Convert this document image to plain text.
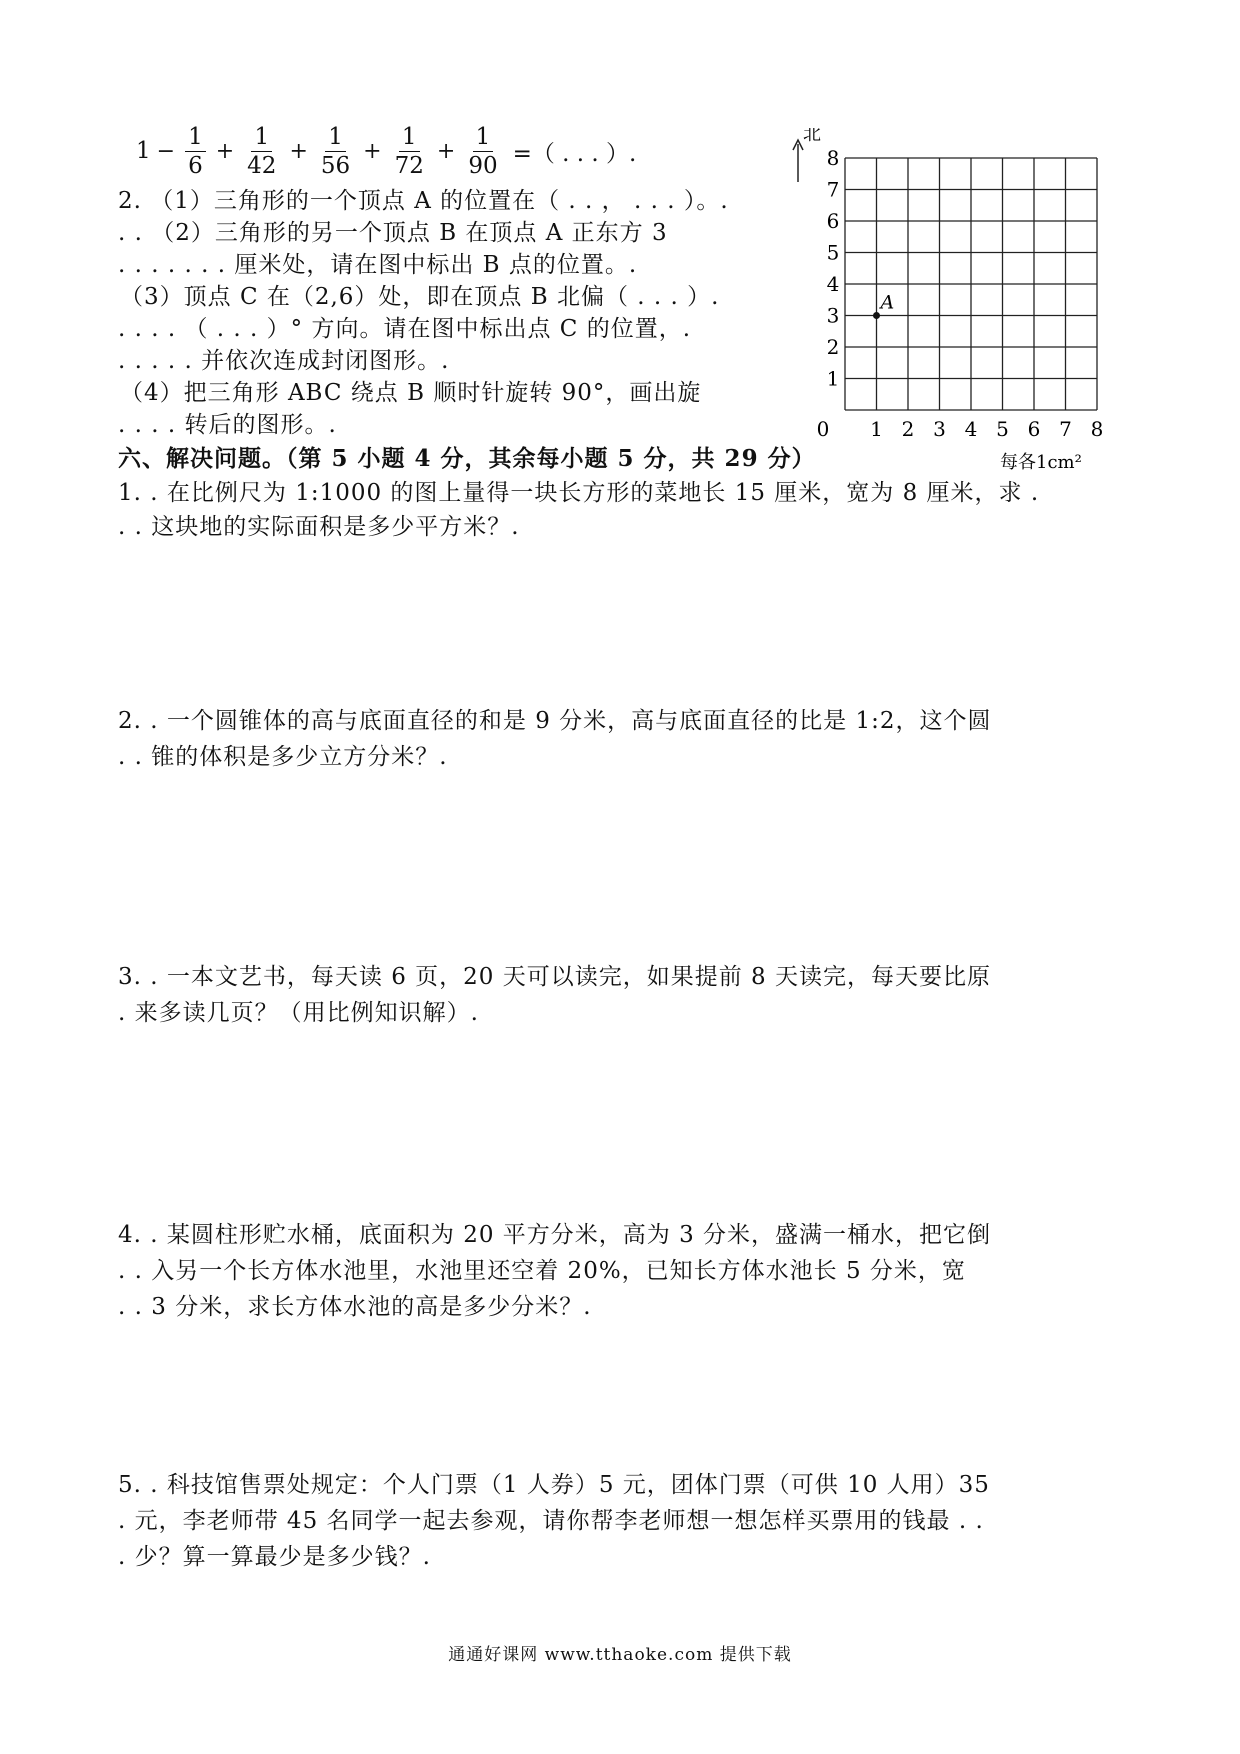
$1 - \frac{1}{6} + \frac{1}{42} + \frac{1}{56} + \frac{1}{72} + \frac{1}{90}$ =（ . . . ）.
2. （1）三角形的一个顶点 A 的位置在（ . . ， . . . ）。.
. . （2）三角形的另一个顶点 B 在顶点 A 正东方 3
. . . . . . . 厘米处，请在图中标出 B 点的位置。.
（3）顶点 C 在（2,6）处，即在顶点 B 北偏（ . . . ）.
. . . . （ . . . ）° 方向。请在图中标出点 C 的位置，.
. . . . . 并依次连成封闭图形。.
（4）把三角形 ABC 绕点 B 顺时针旋转 90°，画出旋
. . . . 转后的图形。.	0 1 2 3 4 5 6 7 8
1
2
3
4
5
6
7
8
北
A
每各1cm²
六、解决问题。（第 5 小题 4 分，其余每小题 5 分，共 29 分）
1. . 在比例尺为 1:1000 的图上量得一块长方形的菜地长 15 厘米，宽为 8 厘米，求 .
. . 这块地的实际面积是多少平方米？.
2. . 一个圆锥体的高与底面直径的和是 9 分米，高与底面直径的比是 1:2，这个圆
. . 锥的体积是多少立方分米？.
3. . 一本文艺书，每天读 6 页，20 天可以读完，如果提前 8 天读完，每天要比原
. 来多读几页？（用比例知识解）.
4. . 某圆柱形贮水桶，底面积为 20 平方分米，高为 3 分米，盛满一桶水，把它倒
. . 入另一个长方体水池里，水池里还空着 20%，已知长方体水池长 5 分米，宽
. . 3 分米，求长方体水池的高是多少分米？.
5. . 科技馆售票处规定：个人门票（1 人券）5 元，团体门票（可供 10 人用）35
. 元，李老师带 45 名同学一起去参观，请你帮李老师想一想怎样买票用的钱最 . .
. 少？算一算最少是多少钱？.
通通好课网 www.tthaoke.com 提供下载
